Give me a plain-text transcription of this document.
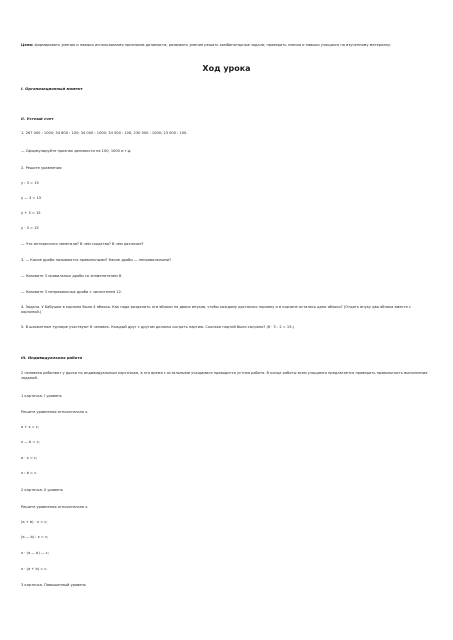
Цели: формировать умения и навыки использования признаков делимости; развивать умение решать комбинаторные задачи; проверить знания и навыки учащихся по изученному материалу.
Ход урока
I. Организационный момент
II. Устный счет
1. 267 000 : 1000; 34 600 : 100; 34 000 : 1000; 34 500 : 100; 230 000 : 1000; 23 000 : 100.
— Сформулируйте признак делимости на 100, 1000 и т.д.
2. Решите уравнения:
у : 3 = 15
у — 3 = 15
у + 3 = 15
у · 3 = 15
— Что интересного заметили? В чем сходство? В чем различие?
3. — Какие дроби называются правильными? Какие дроби — неправильными?
— Назовите 3 правильных дроби со знаменателем 8.
— Назовите 3 неправильных дроби с числителем 12.
4. Задача. У Бабушки в корзине было 4 яблока. Как надо разделить эти яблоки на двоих внуков, чтобы каждому досталось поровну и в корзине осталось одно яблоко? (Отдать внуку два яблока вместе с корзиной.)
5. В шахматном турнире участвуют 6 человек. Каждый друг с другом должны сыграть партию. Сколько партий было сыграно? (6 · 5 : 2 = 15.)
III. Индивидуальная работа
2 человека работают у доски по индивидуальным карточкам, в это время с остальными учащимися проводится устная работа. В конце работы всем учащимся предлагается проверить правильность выполнения заданий.
1 карточка. I уровень
Решите уравнения относительно х.
а + х = с;
х — b = с;
а · х = с;
х : b = с.
2 карточка. II уровень
Решите уравнения относительно х.
(а + b) · х = с;
(а — b) : х = с;
х · (а — b) — с;
х · (а + b) = с.
3 карточка. Повышенный уровень
